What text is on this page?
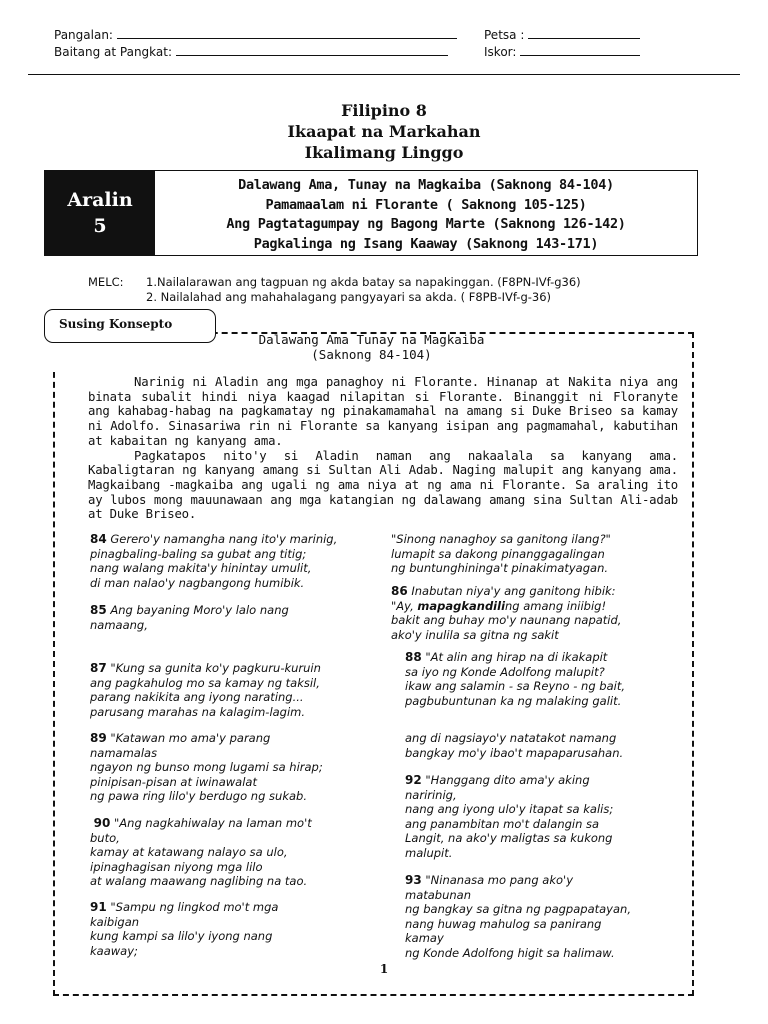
Pangalan:	Petsa :
Baitang at Pangkat:	Iskor:
Filipino 8
Ikaapat na Markahan
Ikalimang Linggo
Aralin
5
Dalawang Ama, Tunay na Magkaiba (Saknong 84-104)
Pamamaalam ni Florante ( Saknong 105-125)
Ang Pagtatagumpay ng Bagong Marte (Saknong 126-142)
Pagkalinga ng Isang Kaaway (Saknong 143-171)
MELC: 1.Nailalarawan ang tagpuan ng akda batay sa napakinggan. (F8PN-IVf-g36)
2. Nailalahad ang mahahalagang pangyayari sa akda. ( F8PB-IVf-g-36)
Susing Konsepto
Dalawang Ama Tunay na Magkaiba
(Saknong 84-104)

Narinig ni Aladin ang mga panaghoy ni Florante. Hinanap at Nakita niya ang binata subalit hindi niya kaagad nilapitan si Florante. Binanggit ni Floranyte ang kahabag-habag na pagkamatay ng pinakamamahal na amang si Duke Briseo sa kamay ni Adolfo. Sinasariwa rin ni Florante sa kanyang isipan ang pagmamahal, kabutihan at kabaitan ng kanyang ama.

Pagkatapos nito'y si Aladin naman ang nakaalala sa kanyang ama. Kabaligtaran ng kanyang amang si Sultan Ali Adab. Naging malupit ang kanyang ama. Magkaibang -magkaiba ang ugali ng ama niya at ng ama ni Florante. Sa araling ito ay lubos mong mauunawaan ang mga katangian ng dalawang amang sina Sultan Ali-adab at Duke Briseo.

84 Gerero'y namangha nang ito'y marinig,
pinagbaling-baling sa gubat ang titig;
nang walang makita'y hinintay umulit,
di man nalao'y nagbangong humibik.
85 Ang bayaning Moro'y lalo nang
namaang,
87 "Kung sa gunita ko'y pagkuru-kuruin
ang pagkahulog mo sa kamay ng taksil,
parang nakikita ang iyong narating...
parusang marahas na kalagim-lagim.
89 "Katawan mo ama'y parang
namamalas
ngayon ng bunso mong lugami sa hirap;
pinipisan-pisan at iwinawalat
ng pawa ring lilo'y berdugo ng sukab.
90 "Ang nagkahiwalay na laman mo't
buto,
kamay at katawang nalayo sa ulo,
ipinaghagisan niyong mga lilo
at walang maawang naglibing na tao.
91 "Sampu ng lingkod mo't mga
kaibigan
kung kampi sa lilo'y iyong nang
kaaway;
"Sinong nanaghoy sa ganitong ilang?"
lumapit sa dakong pinanggagalingan
ng buntunghininga't pinakimatyagan.
86 Inabutan niya'y ang ganitong hibik:
"Ay, mapagkandiling amang iniibig!
bakit ang buhay mo'y naunang napatid,
ako'y inulila sa gitna ng sakit
88 "At alin ang hirap na di ikakapit
sa iyo ng Konde Adolfong malupit?
ikaw ang salamin - sa Reyno - ng bait,
pagbubuntunan ka ng malaking galit.
ang di nagsiayo'y natatakot namang
bangkay mo'y ibao't mapaparusahan.
92 "Hanggang dito ama'y aking
naririnig,
nang ang iyong ulo'y itapat sa kalis;
ang panambitan mo't dalangin sa
Langit, na ako'y maligtas sa kukong
malupit.
93 "Ninanasa mo pang ako'y
matabunan
ng bangkay sa gitna ng pagpapatayan,
nang huwag mahulog sa panirang
kamay
ng Konde Adolfong higit sa halimaw.
1
